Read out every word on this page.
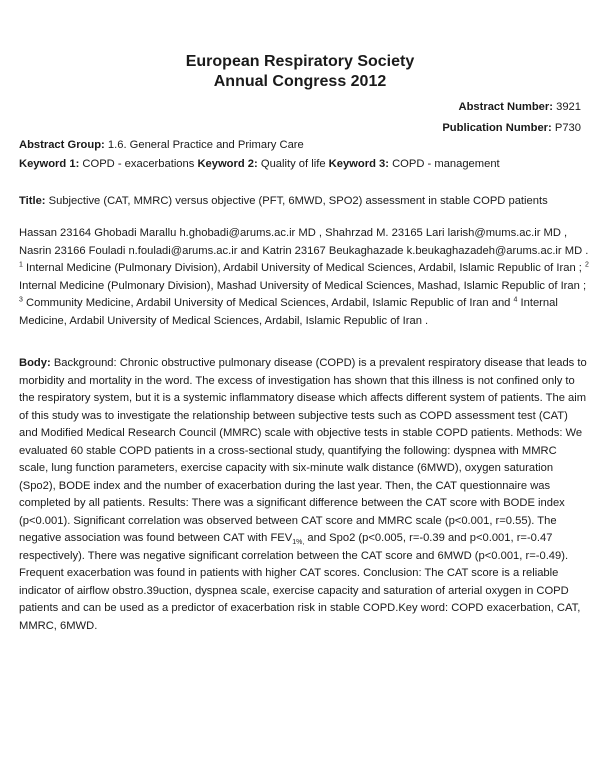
European Respiratory Society
Annual Congress 2012
Abstract Number: 3921
Publication Number: P730
Abstract Group: 1.6. General Practice and Primary Care
Keyword 1: COPD - exacerbations Keyword 2: Quality of life Keyword 3: COPD - management
Title: Subjective (CAT, MMRC) versus objective (PFT, 6MWD, SPO2) assessment in stable COPD patients
Hassan 23164 Ghobadi Marallu h.ghobadi@arums.ac.ir MD , Shahrzad M. 23165 Lari larish@mums.ac.ir MD , Nasrin 23166 Fouladi n.fouladi@arums.ac.ir and Katrin 23167 Beukaghazade k.beukaghazadeh@arums.ac.ir MD . $^1$ Internal Medicine (Pulmonary Division), Ardabil University of Medical Sciences, Ardabil, Islamic Republic of Iran ; $^2$ Internal Medicine (Pulmonary Division), Mashad University of Medical Sciences, Mashad, Islamic Republic of Iran ; $^3$ Community Medicine, Ardabil University of Medical Sciences, Ardabil, Islamic Republic of Iran and $^4$ Internal Medicine, Ardabil University of Medical Sciences, Ardabil, Islamic Republic of Iran .
Body: Background: Chronic obstructive pulmonary disease (COPD) is a prevalent respiratory disease that leads to morbidity and mortality in the word. The excess of investigation has shown that this illness is not confined only to the respiratory system, but it is a systemic inflammatory disease which affects different system of patients. The aim of this study was to investigate the relationship between subjective tests such as COPD assessment test (CAT) and Modified Medical Research Council (MMRC) scale with objective tests in stable COPD patients. Methods: We evaluated 60 stable COPD patients in a cross-sectional study, quantifying the following: dyspnea with MMRC scale, lung function parameters, exercise capacity with six-minute walk distance (6MWD), oxygen saturation (Spo2), BODE index and the number of exacerbation during the last year. Then, the CAT questionnaire was completed by all patients. Results: There was a significant difference between the CAT score with BODE index (p<0.001). Significant correlation was observed between CAT score and MMRC scale (p<0.001, r=0.55). The negative association was found between CAT with $FEV_{1\%,}$ and Spo2 (p<0.005, r=-0.39 and p<0.001, r=-0.47 respectively). There was negative significant correlation between the CAT score and 6MWD (p<0.001, r=-0.49). Frequent exacerbation was found in patients with higher CAT scores. Conclusion: The CAT score is a reliable indicator of airflow obstro.39uction, dyspnea scale, exercise capacity and saturation of arterial oxygen in COPD patients and can be used as a predictor of exacerbation risk in stable COPD.Key word: COPD exacerbation, CAT, MMRC, 6MWD.
